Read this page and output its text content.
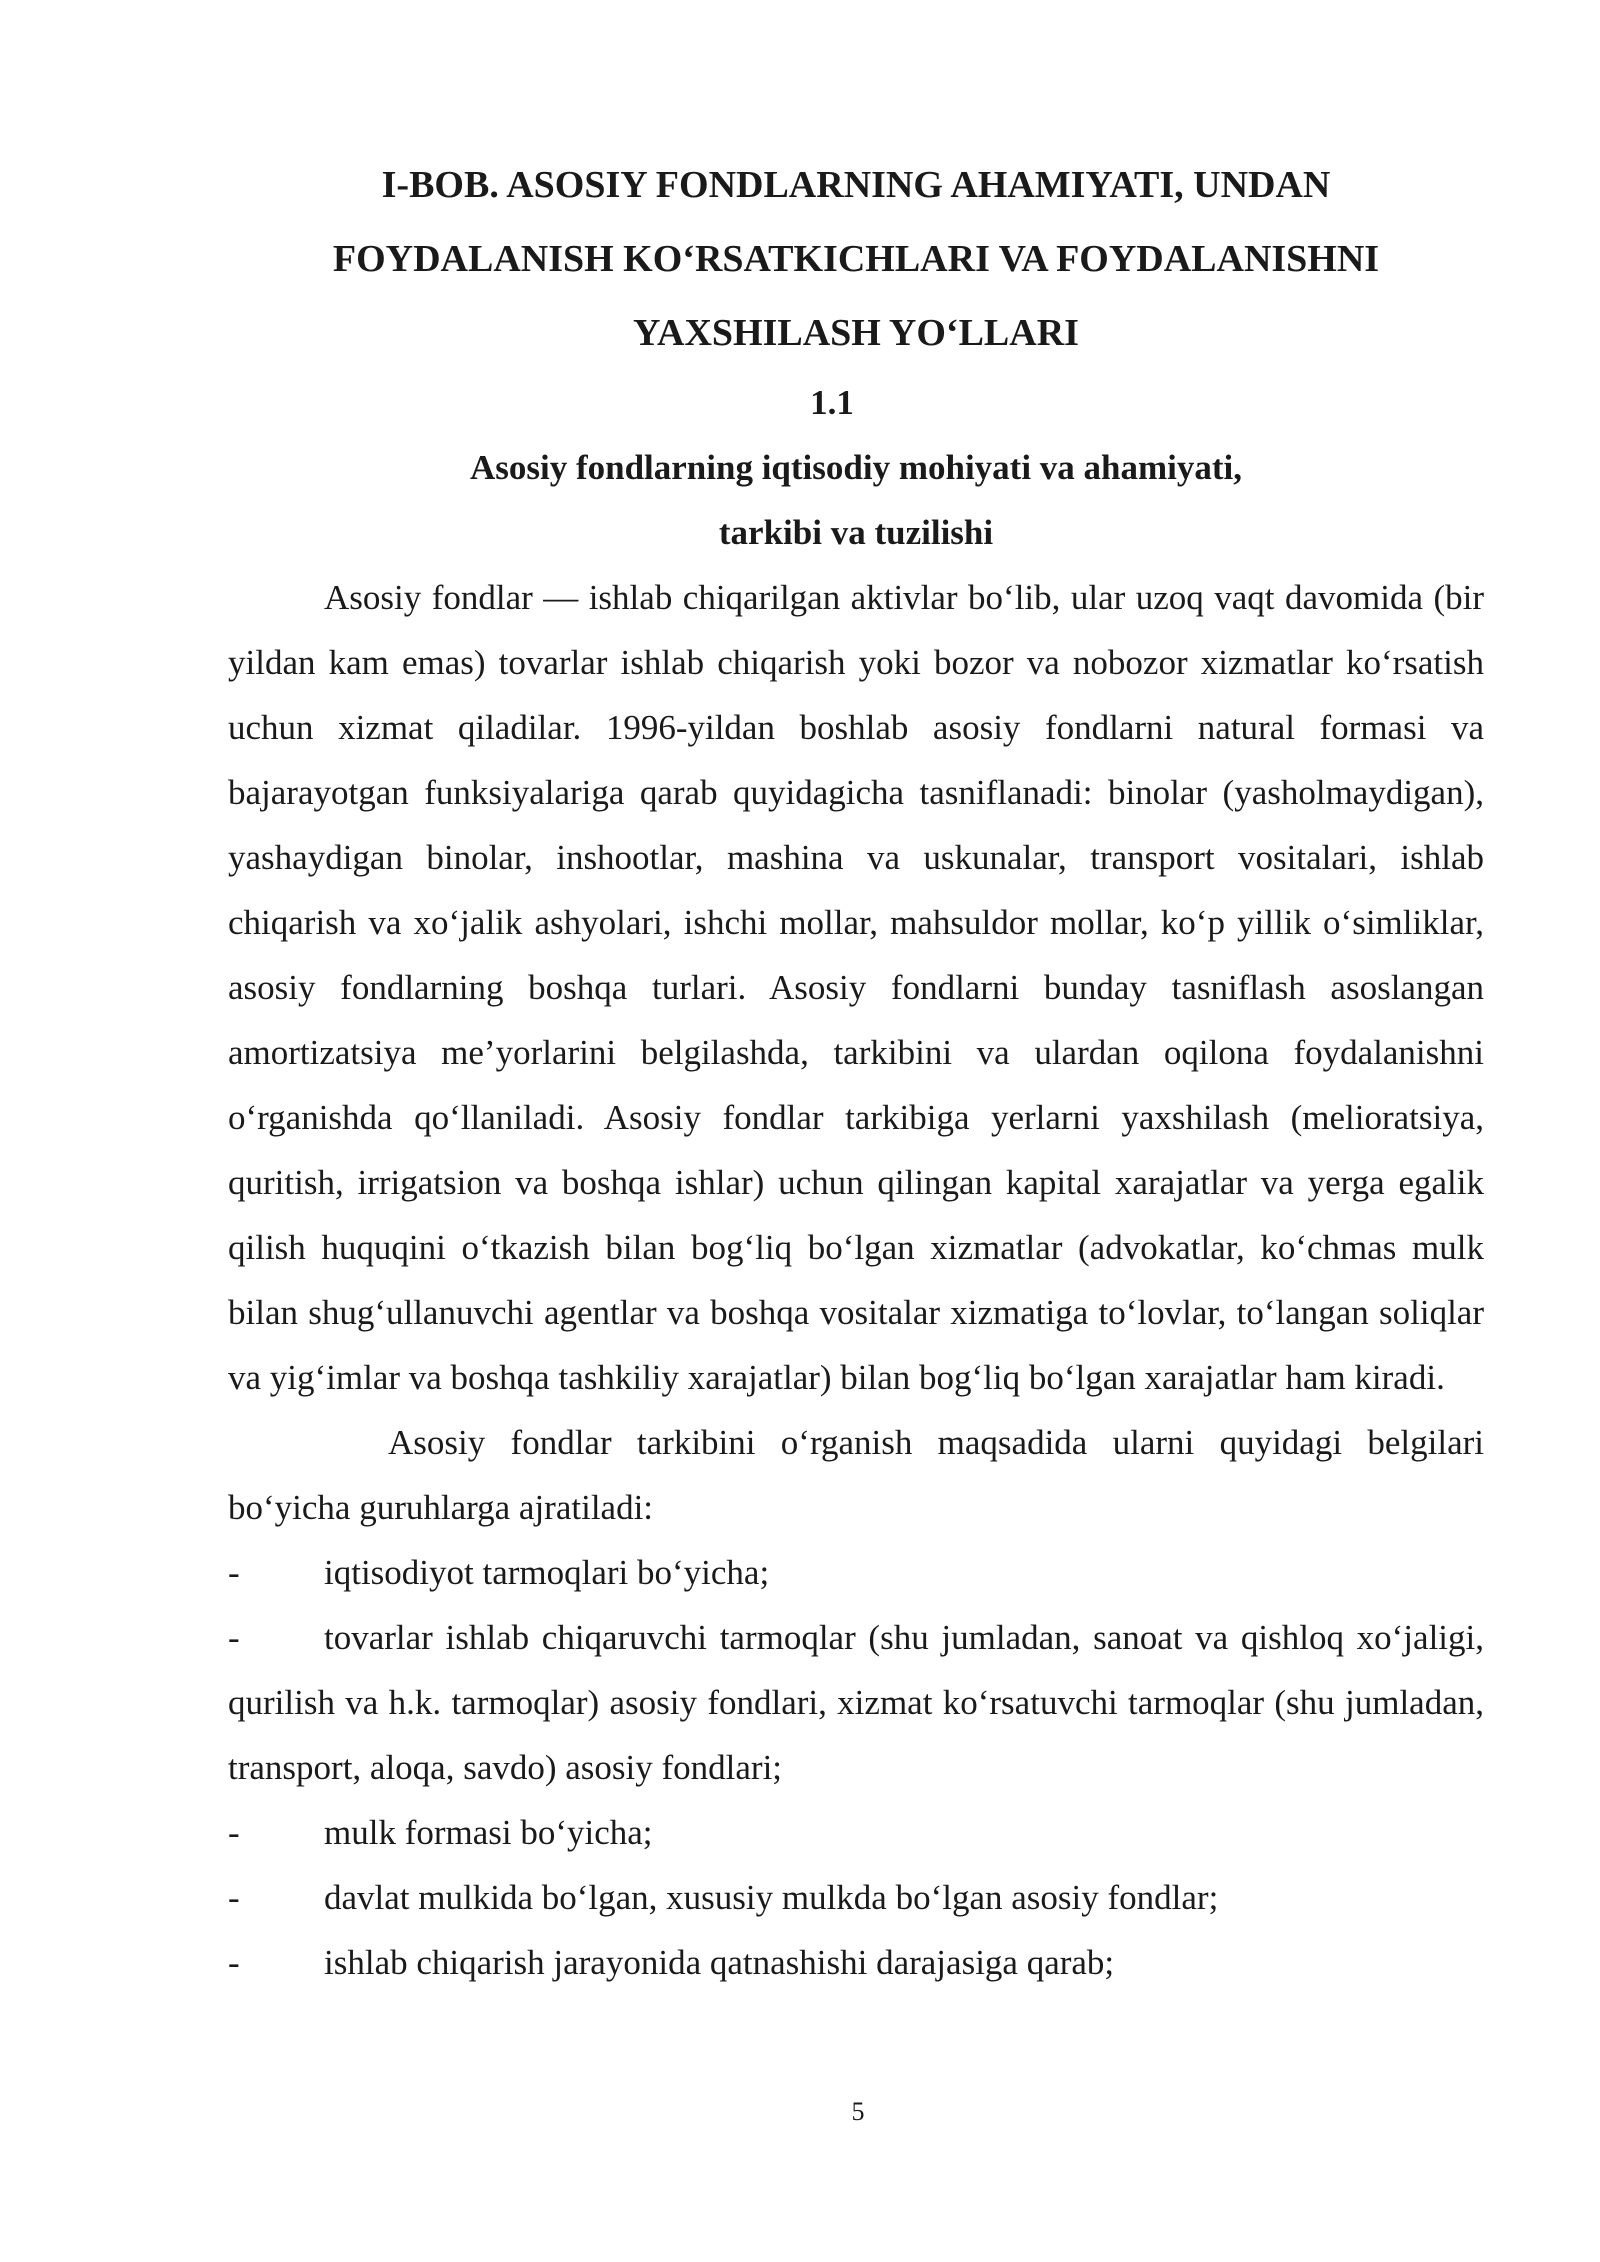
I-BOB. ASOSIY FONDLARNING AHAMIYATI, UNDAN
FOYDALANISH KO‘RSATKICHLARI VA FOYDALANISHNI
YAXSHILASH YO‘LLARI
1.1
Asosiy fondlarning iqtisodiy mohiyati va ahamiyati,
tarkibi va tuzilishi

Asosiy fondlar — ishlab chiqarilgan aktivlar bo‘lib, ular uzoq vaqt davomida (bir yildan kam emas) tovarlar ishlab chiqarish yoki bozor va nobozor xizmatlar ko‘rsatish uchun xizmat qiladilar. 1996-yildan boshlab asosiy fondlarni natural formasi va bajarayotgan funksiyalariga qarab quyidagicha tasniflanadi: binolar (yasholmaydigan), yashaydigan binolar, inshootlar, mashina va uskunalar, transport vositalari, ishlab chiqarish va xo‘jalik ashyolari, ishchi mollar, mahsuldor mollar, ko‘p yillik o‘simliklar, asosiy fondlarning boshqa turlari. Asosiy fondlarni bunday tasniflash asoslangan amortizatsiya me’yorlarini belgilashda, tarkibini va ulardan oqilona foydalanishni o‘rganishda qo‘llaniladi. Asosiy fondlar tarkibiga yerlarni yaxshilash (melioratsiya, quritish, irrigatsion va boshqa ishlar) uchun qilingan kapital xarajatlar va yerga egalik qilish huquqini o‘tkazish bilan bog‘liq bo‘lgan xizmatlar (advokatlar, ko‘chmas mulk bilan shug‘ullanuvchi agentlar va boshqa vositalar xizmatiga to‘lovlar, to‘langan soliqlar va yig‘imlar va boshqa tashkiliy xarajatlar) bilan bog‘liq bo‘lgan xarajatlar ham kiradi.

Asosiy fondlar tarkibini o‘rganish maqsadida ularni quyidagi belgilari bo‘yicha guruhlarga ajratiladi:

- iqtisodiyot tarmoqlari bo‘yicha;
- tovarlar ishlab chiqaruvchi tarmoqlar (shu jumladan, sanoat va qishloq xo‘jaligi, qurilish va h.k. tarmoqlar) asosiy fondlari, xizmat ko‘rsatuvchi tarmoqlar (shu jumladan, transport, aloqa, savdo) asosiy fondlari;
- mulk formasi bo‘yicha;
- davlat mulkida bo‘lgan, xususiy mulkda bo‘lgan asosiy fondlar;
- ishlab chiqarish jarayonida qatnashishi darajasiga qarab;
5
